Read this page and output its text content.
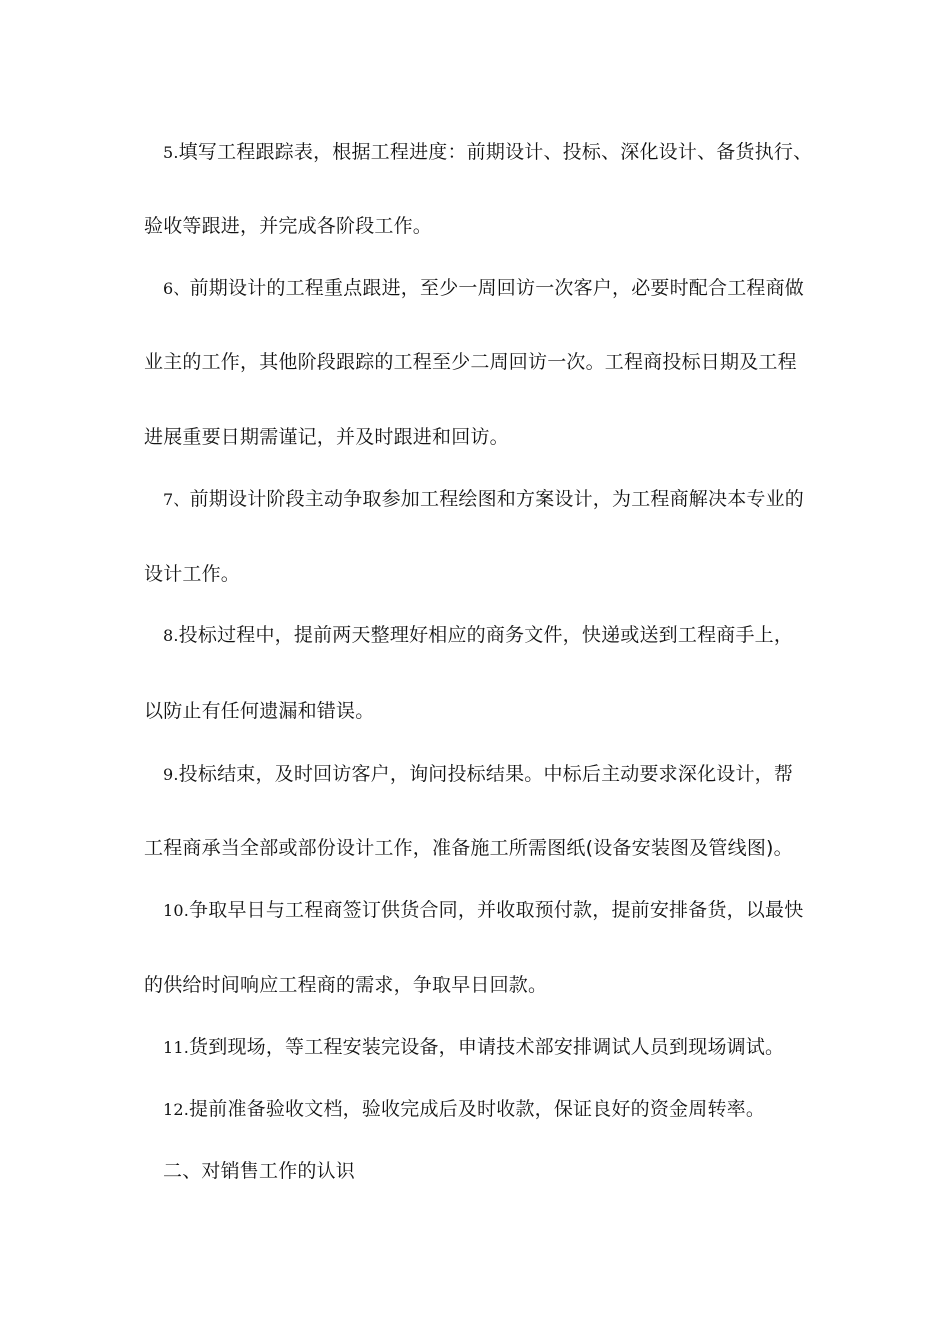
5.填写工程跟踪表，根据工程进度：前期设计、投标、深化设计、备货执行、
验收等跟进，并完成各阶段工作。
6、前期设计的工程重点跟进，至少一周回访一次客户，必要时配合工程商做
业主的工作，其他阶段跟踪的工程至少二周回访一次。工程商投标日期及工程
进展重要日期需谨记，并及时跟进和回访。
7、前期设计阶段主动争取参加工程绘图和方案设计，为工程商解决本专业的
设计工作。
8.投标过程中，提前两天整理好相应的商务文件，快递或送到工程商手上，
以防止有任何遗漏和错误。
9.投标结束，及时回访客户，询问投标结果。中标后主动要求深化设计，帮
工程商承当全部或部份设计工作，准备施工所需图纸(设备安装图及管线图)。
10.争取早日与工程商签订供货合同，并收取预付款，提前安排备货，以最快
的供给时间响应工程商的需求，争取早日回款。
11.货到现场，等工程安装完设备，申请技术部安排调试人员到现场调试。
12.提前准备验收文档，验收完成后及时收款，保证良好的资金周转率。
二、对销售工作的认识
